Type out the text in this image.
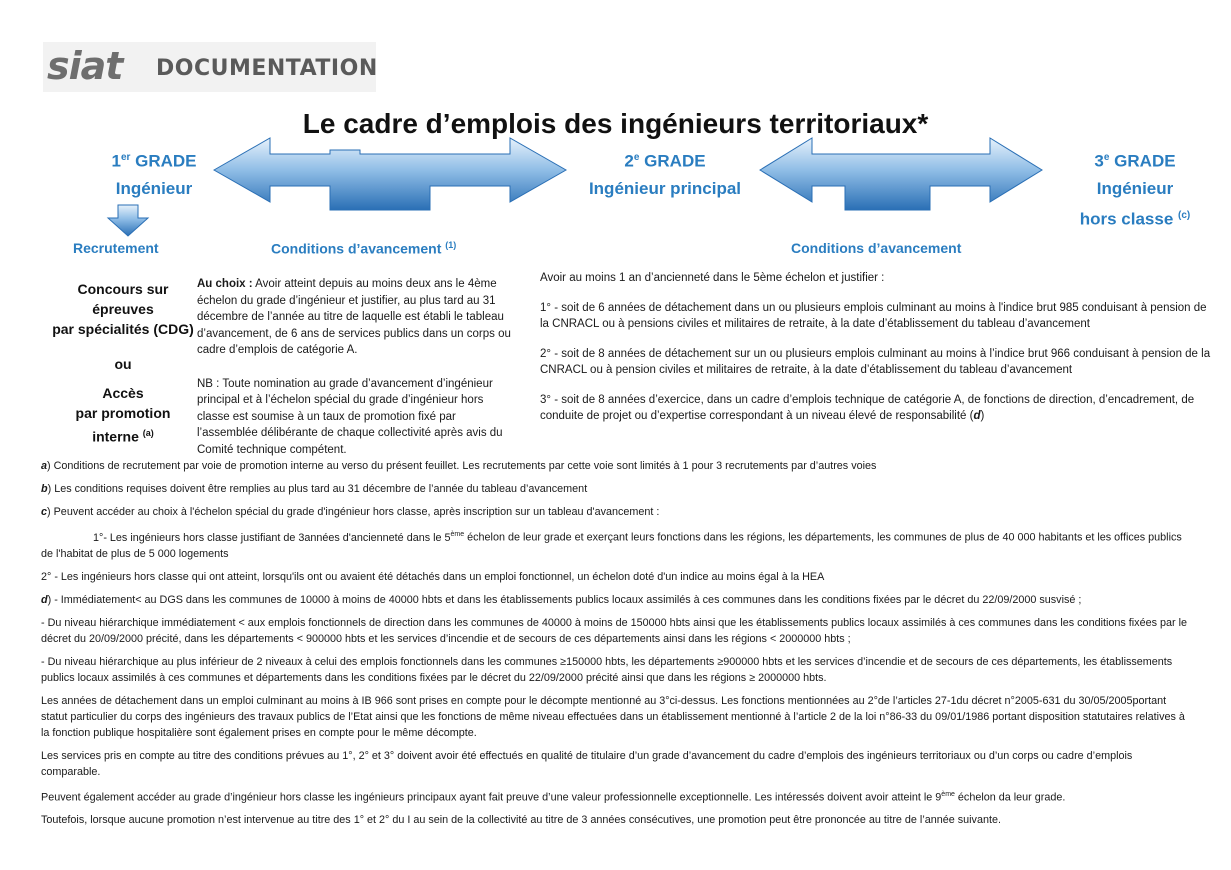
siat DOCUMENTATION
Le cadre d’emplois des ingénieurs territoriaux*
1er GRADE
Ingénieur
2e GRADE
Ingénieur principal
3e GRADE
Ingénieur
hors classe $^{(c)}$
Recrutement	Conditions d’avancement $^{(1)}$	Conditions d’avancement
Concours sur
épreuves
par spécialités (CDG)
ou
Accès
par promotion
interne $^{(a)}$
Au choix : Avoir atteint depuis au moins deux ans le 4ème échelon du grade d’ingénieur et justifier, au plus tard au 31 décembre de l’année au titre de laquelle est établi le tableau d’avancement, de 6 ans de services publics dans un corps ou cadre d’emplois de catégorie A.
NB : Toute nomination au grade d’avancement d’ingénieur principal et à l’échelon spécial du grade d’ingénieur hors classe est soumise à un taux de promotion fixé par l’assemblée délibérante de chaque collectivité après avis du Comité technique compétent.
Avoir au moins 1 an d’ancienneté dans le 5ème échelon et justifier :
1° - soit de 6 années de détachement dans un ou plusieurs emplois culminant au moins à l'indice brut 985 conduisant à pension de la CNRACL ou à pensions civiles et militaires de retraite, à la date d’établissement du tableau d’avancement
2° - soit de 8 années de détachement sur un ou plusieurs emplois culminant au moins à l’indice brut 966 conduisant à pension de la CNRACL ou à pension civiles et militaires de retraite, à la date d’établissement du tableau d’avancement
3° - soit de 8 années d’exercice, dans un cadre d’emplois technique de catégorie A, de fonctions de direction, d’encadrement, de conduite de projet ou d’expertise correspondant à un niveau élevé de responsabilité (d)

a) Conditions de recrutement par voie de promotion interne au verso du présent feuillet. Les recrutements par cette voie sont limités à 1 pour 3 recrutements par d’autres voies

b) Les conditions requises doivent être remplies au plus tard au 31 décembre de l’année du tableau d’avancement

c) Peuvent accéder au choix à l'échelon spécial du grade d'ingénieur hors classe, après inscription sur un tableau d'avancement :

1°- Les ingénieurs hors classe justifiant de 3années d'ancienneté dans le 5ème échelon de leur grade et exerçant leurs fonctions dans les régions, les départements, les communes de plus de 40 000 habitants et les offices publics de l'habitat de plus de 5 000 logements

2° - Les ingénieurs hors classe qui ont atteint, lorsqu'ils ont ou avaient été détachés dans un emploi fonctionnel, un échelon doté d'un indice au moins égal à la HEA

d) - Immédiatement< au DGS dans les communes de 10000 à moins de 40000 hbts et dans les établissements publics locaux assimilés à ces communes dans les conditions fixées par le décret du 22/09/2000 susvisé ;

- Du niveau hiérarchique immédiatement < aux emplois fonctionnels de direction dans les communes de 40000 à moins de 150000 hbts ainsi que les établissements publics locaux assimilés à ces communes dans les conditions fixées par le décret du 20/09/2000 précité, dans les départements < 900000 hbts et les services d’incendie et de secours de ces départements ainsi dans les régions < 2000000 hbts ;

- Du niveau hiérarchique au plus inférieur de 2 niveaux à celui des emplois fonctionnels dans les communes ≥150000 hbts, les départements ≥900000 hbts et les services d’incendie et de secours de ces départements, les établissements publics locaux assimilés à ces communes et départements dans les conditions fixées par le décret du 22/09/2000 précité ainsi que dans les régions ≥ 2000000 hbts.

Les années de détachement dans un emploi culminant au moins à IB 966 sont prises en compte pour le décompte mentionné au 3°ci-dessus. Les fonctions mentionnées au 2°de l’articles 27-1du décret n°2005-631 du 30/05/2005portant statut particulier du corps des ingénieurs des travaux publics de l’Etat ainsi que les fonctions de même niveau effectuées dans un établissement mentionné à l’article 2 de la loi n°86-33 du 09/01/1986 portant disposition statutaires relatives à la fonction publique hospitalière sont également prises en compte pour le même décompte.

Les services pris en compte au titre des conditions prévues au 1°, 2° et 3° doivent avoir été effectués en qualité de titulaire d’un grade d’avancement du cadre d’emplois des ingénieurs territoriaux ou d’un corps ou cadre d’emplois comparable.

Peuvent également accéder au grade d’ingénieur hors classe les ingénieurs principaux ayant fait preuve d’une valeur professionnelle exceptionnelle. Les intéressés doivent avoir atteint le 9ème échelon da leur grade.

Toutefois, lorsque aucune promotion n’est intervenue au titre des 1° et 2° du I au sein de la collectivité au titre de 3 années consécutives, une promotion peut être prononcée au titre de l’année suivante.
